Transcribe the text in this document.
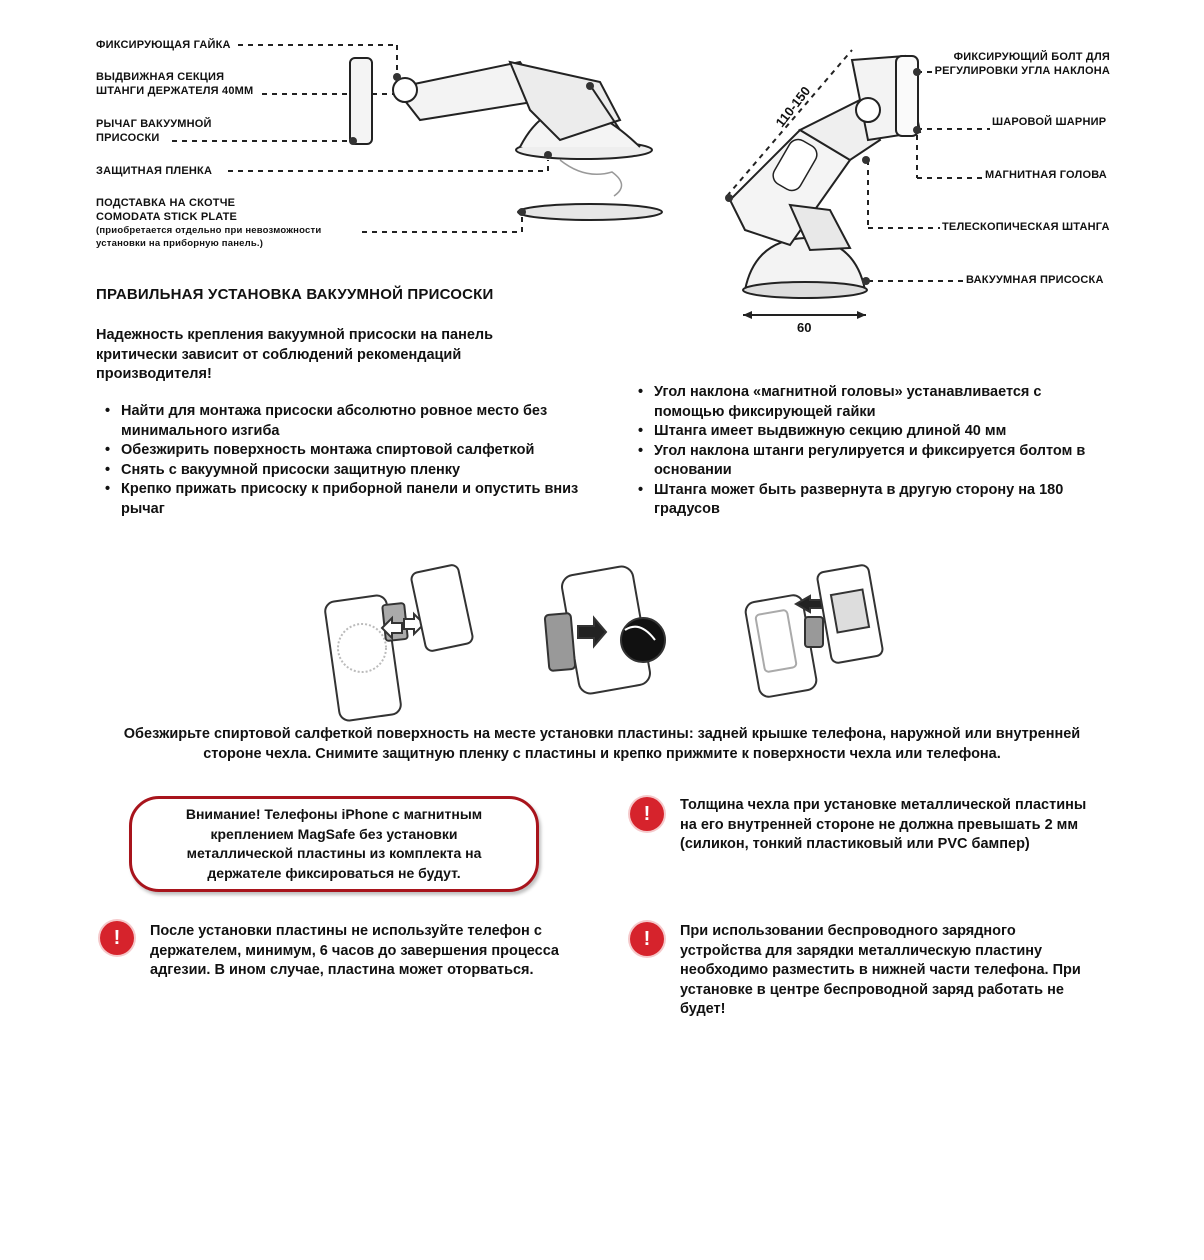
ФИКСИРУЮЩАЯ ГАЙКА
ВЫДВИЖНАЯ СЕКЦИЯ
ШТАНГИ ДЕРЖАТЕЛЯ 40ММ
РЫЧАГ ВАКУУМНОЙ
ПРИСОСКИ
ЗАЩИТНАЯ ПЛЕНКА
ПОДСТАВКА НА СКОТЧЕ
COMODATA STICK PLATE
(приобретается отдельно при невозможности
установки на приборную панель.)
ФИКСИРУЮЩИЙ БОЛТ ДЛЯ
РЕГУЛИРОВКИ УГЛА НАКЛОНА
ШАРОВОЙ ШАРНИР
МАГНИТНАЯ ГОЛОВА
ТЕЛЕСКОПИЧЕСКАЯ ШТАНГА
ВАКУУМНАЯ ПРИСОСКА
110-150
60
ПРАВИЛЬНАЯ УСТАНОВКА ВАКУУМНОЙ ПРИСОСКИ
Надежность крепления вакуумной присоски на панель
критически зависит от соблюдений рекомендаций
производителя!
• Найти для монтажа присоски абсолютно ровное место без минимального изгиба
• Обезжирить поверхность монтажа спиртовой салфеткой
• Снять с вакуумной присоски защитную пленку
• Крепко прижать присоску к приборной панели и опустить вниз рычаг
• Угол наклона «магнитной головы» устанавливается с помощью фиксирующей гайки
• Штанга имеет выдвижную секцию длиной 40 мм
• Угол наклона штанги регулируется и фиксируется болтом в основании
• Штанга может быть развернута в другую сторону на 180 градусов
Обезжирьте спиртовой салфеткой поверхность на месте установки пластины: задней крышке телефона, наружной или внутренней
стороне чехла. Снимите защитную пленку с пластины и крепко прижмите к поверхности чехла или телефона.
Внимание! Телефоны iPhone с магнитным креплением MagSafe без установки металлической пластины из комплекта на держателе фиксироваться не будут.
!	Толщина чехла при установке металлической пластины на его внутренней стороне не должна превышать 2 мм (силикон, тонкий пластиковый или PVC бампер)
!	После установки пластины не используйте телефон с держателем, минимум, 6 часов до завершения процесса адгезии. В ином случае, пластина может оторваться.
!	При использовании беспроводного зарядного устройства для зарядки металлическую пластину необходимо разместить в нижней части телефона. При установке в центре беспроводной заряд работать не будет!
